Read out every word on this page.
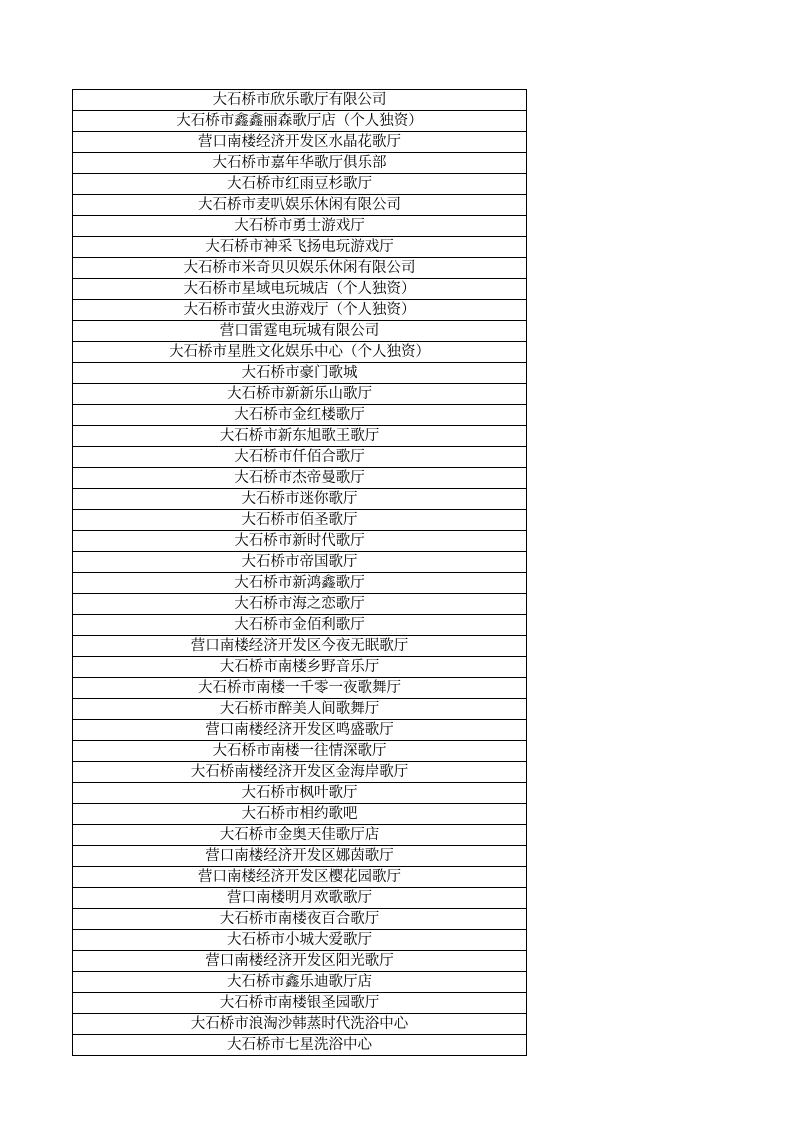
大石桥市欣乐歌厅有限公司
大石桥市鑫鑫丽森歌厅店（个人独资）
营口南楼经济开发区水晶花歌厅
大石桥市嘉年华歌厅俱乐部
大石桥市红雨豆杉歌厅
大石桥市麦叭娱乐休闲有限公司
大石桥市勇士游戏厅
大石桥市神采飞扬电玩游戏厅
大石桥市米奇贝贝娱乐休闲有限公司
大石桥市星域电玩城店（个人独资）
大石桥市萤火虫游戏厅（个人独资）
营口雷霆电玩城有限公司
大石桥市星胜文化娱乐中心（个人独资）
大石桥市豪门歌城
大石桥市新新乐山歌厅
大石桥市金红楼歌厅
大石桥市新东旭歌王歌厅
大石桥市仟佰合歌厅
大石桥市杰帝曼歌厅
大石桥市迷你歌厅
大石桥市佰圣歌厅
大石桥市新时代歌厅
大石桥市帝国歌厅
大石桥市新鸿鑫歌厅
大石桥市海之恋歌厅
大石桥市金佰利歌厅
营口南楼经济开发区今夜无眠歌厅
大石桥市南楼乡野音乐厅
大石桥市南楼一千零一夜歌舞厅
大石桥市醉美人间歌舞厅
营口南楼经济开发区鸣盛歌厅
大石桥市南楼一往情深歌厅
大石桥南楼经济开发区金海岸歌厅
大石桥市枫叶歌厅
大石桥市相约歌吧
大石桥市金奥天佳歌厅店
营口南楼经济开发区娜茵歌厅
营口南楼经济开发区樱花园歌厅
营口南楼明月欢歌歌厅
大石桥市南楼夜百合歌厅
大石桥市小城大爱歌厅
营口南楼经济开发区阳光歌厅
大石桥市鑫乐迪歌厅店
大石桥市南楼银圣园歌厅
大石桥市浪淘沙韩蒸时代洗浴中心
大石桥市七星洗浴中心
